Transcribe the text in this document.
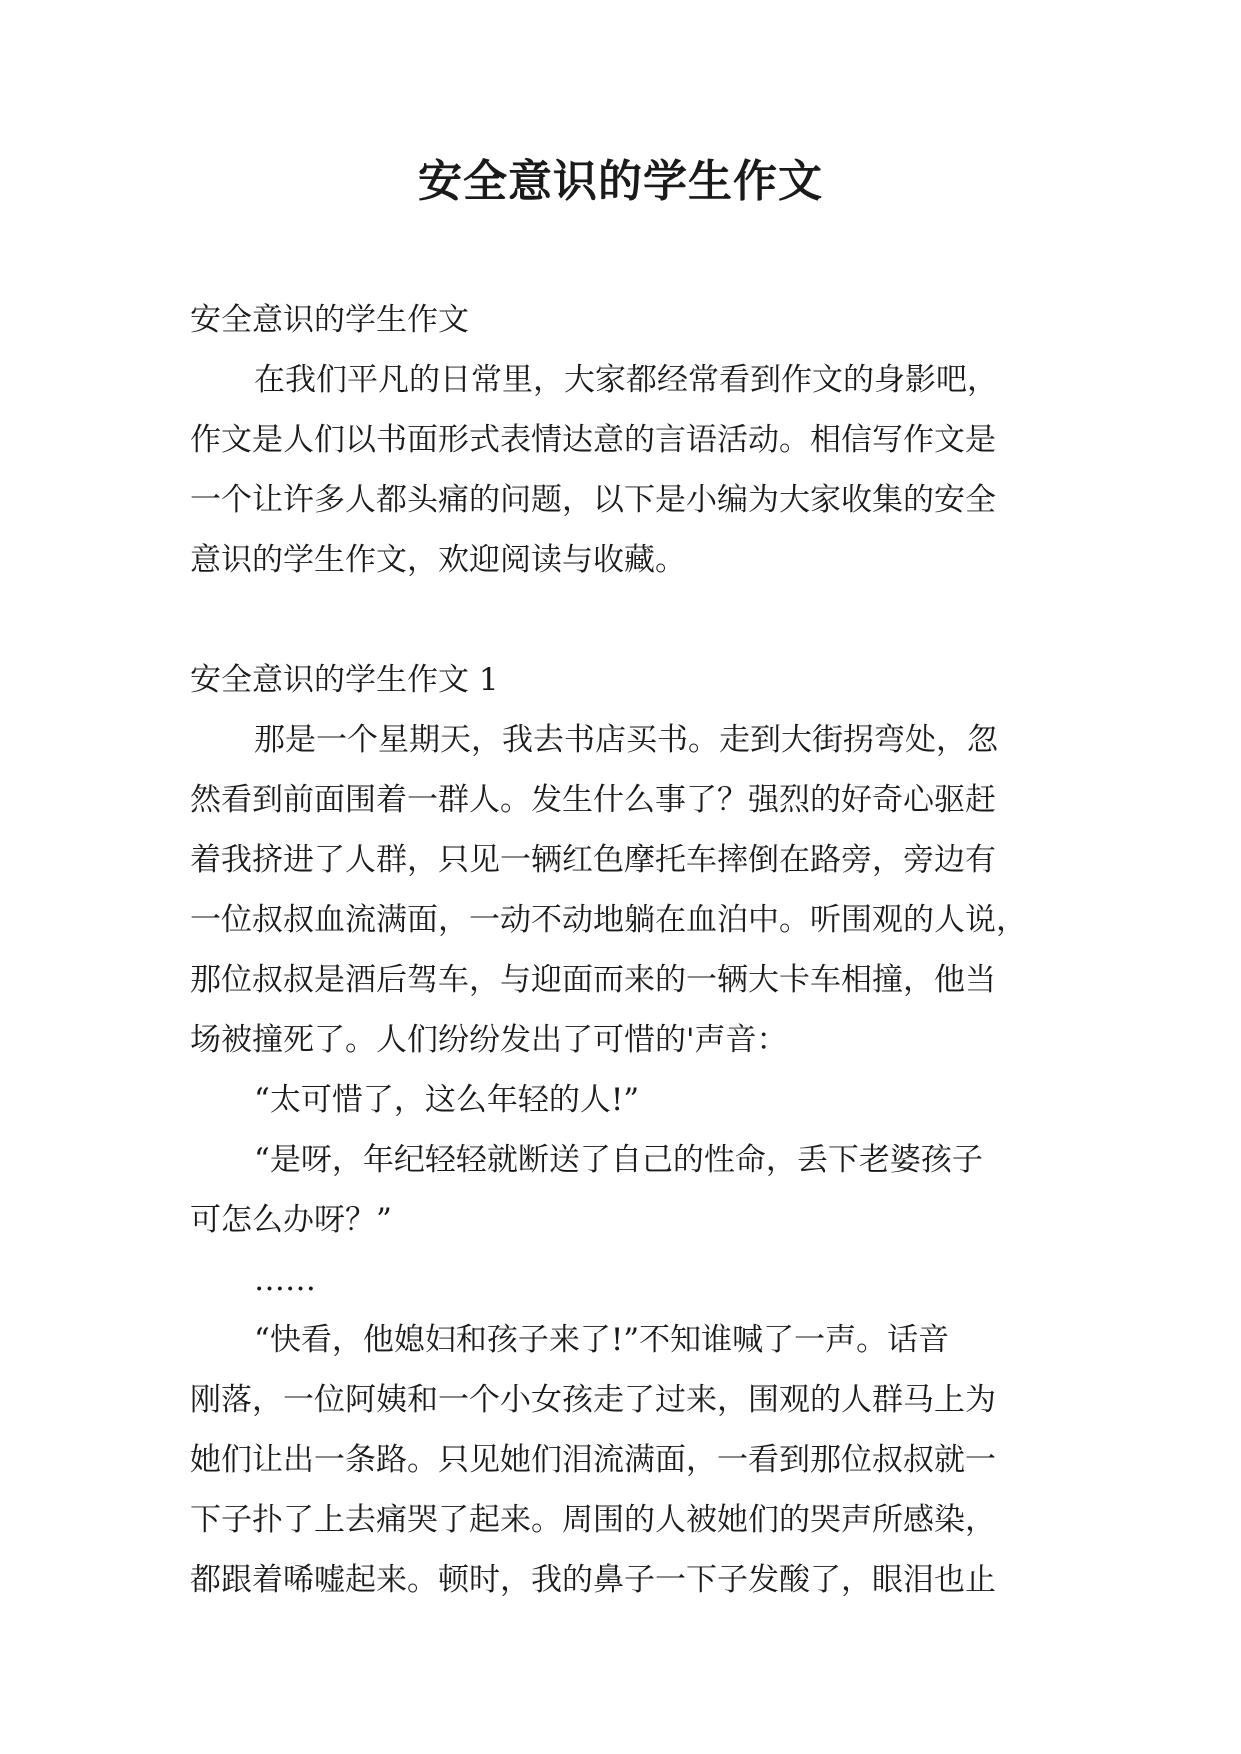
安全意识的学生作文

安全意识的学生作文

在我们平凡的日常里，大家都经常看到作文的身影吧，
作文是人们以书面形式表情达意的言语活动。相信写作文是
一个让许多人都头痛的问题，以下是小编为大家收集的安全
意识的学生作文，欢迎阅读与收藏。

安全意识的学生作文 1

那是一个星期天，我去书店买书。走到大街拐弯处，忽
然看到前面围着一群人。发生什么事了？强烈的好奇心驱赶
着我挤进了人群，只见一辆红色摩托车摔倒在路旁，旁边有
一位叔叔血流满面，一动不动地躺在血泊中。听围观的人说，
那位叔叔是酒后驾车，与迎面而来的一辆大卡车相撞，他当
场被撞死了。人们纷纷发出了可惜的'声音：
“太可惜了，这么年轻的人!”
“是呀，年纪轻轻就断送了自己的性命，丢下老婆孩子
可怎么办呀？”
……
“快看，他媳妇和孩子来了!”不知谁喊了一声。话音
刚落，一位阿姨和一个小女孩走了过来，围观的人群马上为
她们让出一条路。只见她们泪流满面，一看到那位叔叔就一
下子扑了上去痛哭了起来。周围的人被她们的哭声所感染，
都跟着唏嘘起来。顿时，我的鼻子一下子发酸了，眼泪也止
